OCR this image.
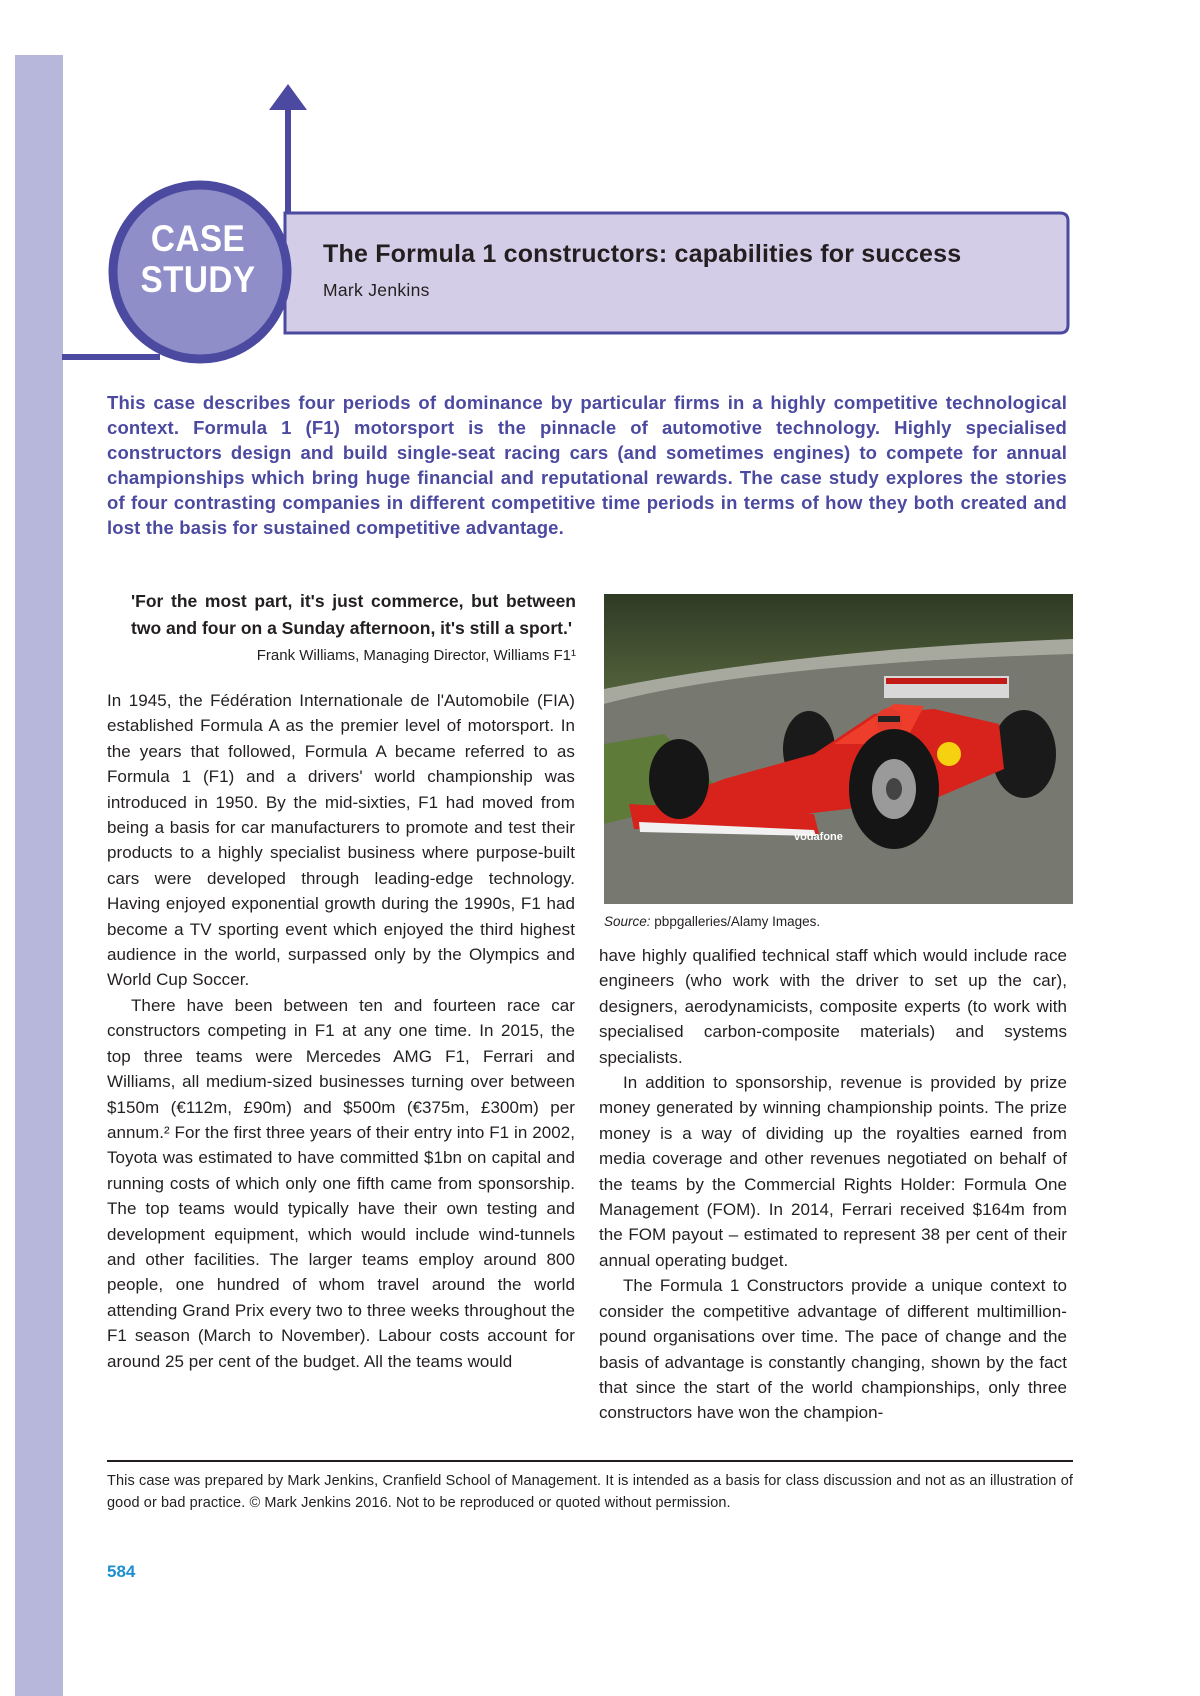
CASE
STUDY
The Formula 1 constructors: capabilities for success
Mark Jenkins

This case describes four periods of dominance by particular firms in a highly competitive technological context. Formula 1 (F1) motorsport is the pinnacle of automotive technology. Highly specialised constructors design and build single-seat racing cars (and sometimes engines) to compete for annual championships which bring huge financial and reputational rewards. The case study explores the stories of four contrasting companies in different competitive time periods in terms of how they both created and lost the basis for sustained competitive advantage.

'For the most part, it's just commerce, but between two and four on a Sunday afternoon, it's still a sport.'
Frank Williams, Managing Director, Williams F1¹

In 1945, the Fédération Internationale de l'Automobile (FIA) established Formula A as the premier level of motorsport. In the years that followed, Formula A became referred to as Formula 1 (F1) and a drivers' world championship was introduced in 1950. By the mid-sixties, F1 had moved from being a basis for car manufacturers to promote and test their products to a highly specialist business where purpose-built cars were developed through leading-edge technology. Having enjoyed exponential growth during the 1990s, F1 had become a TV sporting event which enjoyed the third highest audience in the world, surpassed only by the Olympics and World Cup Soccer.

There have been between ten and fourteen race car constructors competing in F1 at any one time. In 2015, the top three teams were Mercedes AMG F1, Ferrari and Williams, all medium-sized businesses turning over between $150m (€112m, £90m) and $500m (€375m, £300m) per annum.² For the first three years of their entry into F1 in 2002, Toyota was estimated to have committed $1bn on capital and running costs of which only one fifth came from sponsorship. The top teams would typically have their own testing and development equipment, which would include wind-tunnels and other facilities. The larger teams employ around 800 people, one hundred of whom travel around the world attending Grand Prix every two to three weeks throughout the F1 season (March to November). Labour costs account for around 25 per cent of the budget. All the teams would

vodafone
Source: pbpgalleries/Alamy Images.

have highly qualified technical staff which would include race engineers (who work with the driver to set up the car), designers, aerodynamicists, composite experts (to work with specialised carbon-composite materials) and systems specialists.

In addition to sponsorship, revenue is provided by prize money generated by winning championship points. The prize money is a way of dividing up the royalties earned from media coverage and other revenues negotiated on behalf of the teams by the Commercial Rights Holder: Formula One Management (FOM). In 2014, Ferrari received $164m from the FOM payout – estimated to represent 38 per cent of their annual operating budget.

The Formula 1 Constructors provide a unique context to consider the competitive advantage of different multimillion-pound organisations over time. The pace of change and the basis of advantage is constantly changing, shown by the fact that since the start of the world championships, only three constructors have won the champion-

This case was prepared by Mark Jenkins, Cranfield School of Management. It is intended as a basis for class discussion and not as an illustration of good or bad practice. © Mark Jenkins 2016. Not to be reproduced or quoted without permission.

584
